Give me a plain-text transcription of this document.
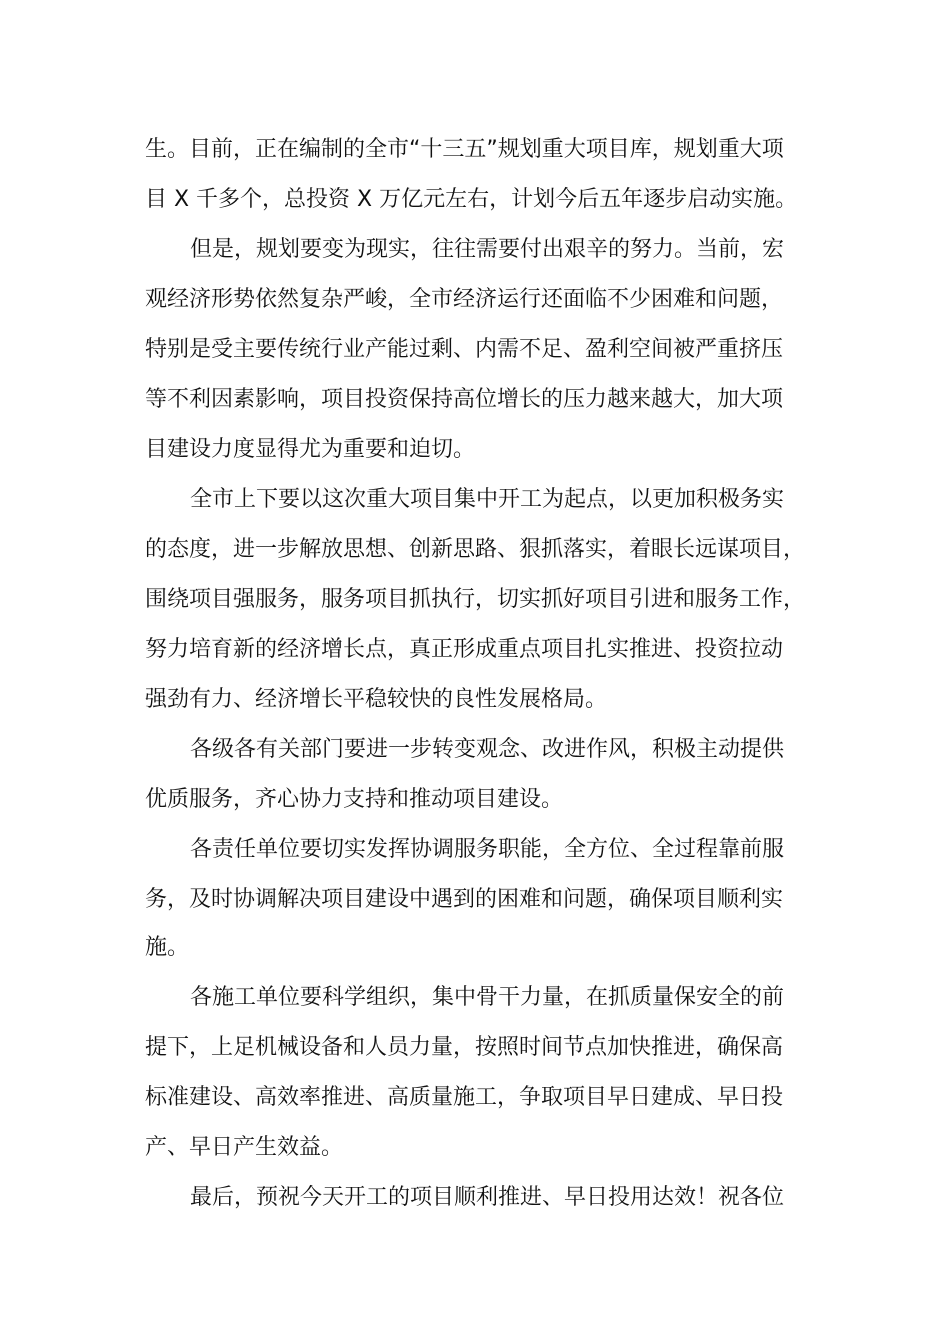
生。目前，正在编制的全市“十三五”规划重大项目库，规划重大项
目 X 千多个，总投资 X 万亿元左右，计划今后五年逐步启动实施。
但是，规划要变为现实，往往需要付出艰辛的努力。当前，宏
观经济形势依然复杂严峻，全市经济运行还面临不少困难和问题，
特别是受主要传统行业产能过剩、内需不足、盈利空间被严重挤压
等不利因素影响，项目投资保持高位增长的压力越来越大，加大项
目建设力度显得尤为重要和迫切。
全市上下要以这次重大项目集中开工为起点，以更加积极务实
的态度，进一步解放思想、创新思路、狠抓落实，着眼长远谋项目，
围绕项目强服务，服务项目抓执行，切实抓好项目引进和服务工作，
努力培育新的经济增长点，真正形成重点项目扎实推进、投资拉动
强劲有力、经济增长平稳较快的良性发展格局。
各级各有关部门要进一步转变观念、改进作风，积极主动提供
优质服务，齐心协力支持和推动项目建设。
各责任单位要切实发挥协调服务职能，全方位、全过程靠前服
务，及时协调解决项目建设中遇到的困难和问题，确保项目顺利实
施。
各施工单位要科学组织，集中骨干力量，在抓质量保安全的前
提下，上足机械设备和人员力量，按照时间节点加快推进，确保高
标准建设、高效率推进、高质量施工，争取项目早日建成、早日投
产、早日产生效益。
最后，预祝今天开工的项目顺利推进、早日投用达效！祝各位
